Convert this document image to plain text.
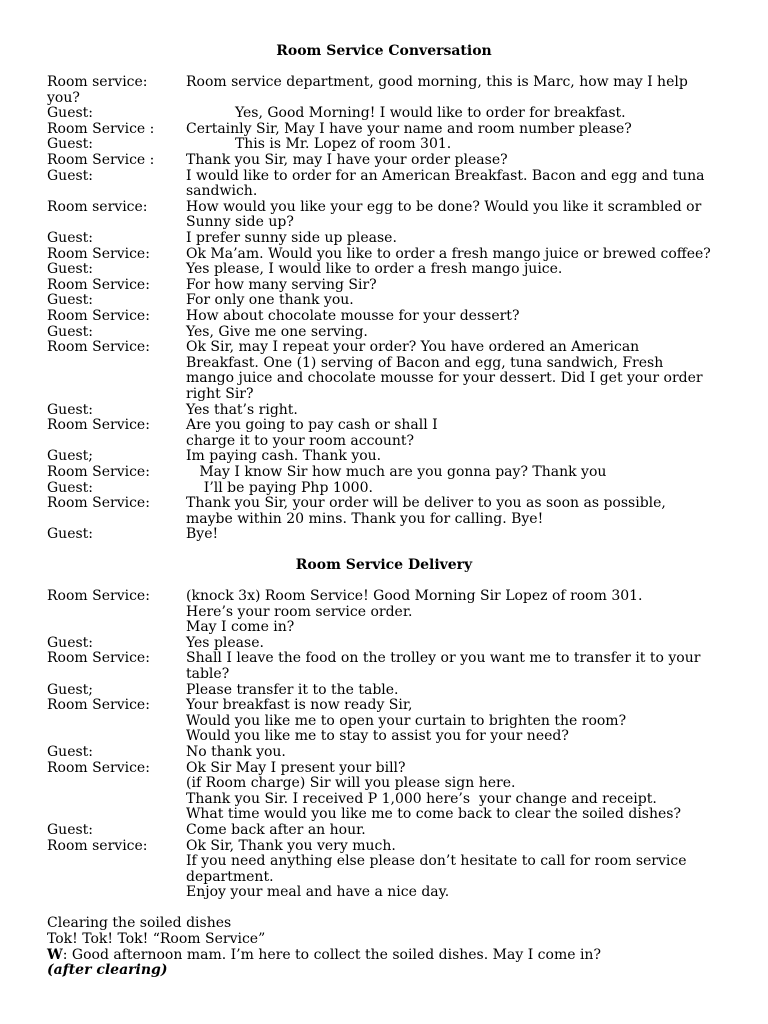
Room Service Conversation
Room service:	Room service department, good morning, this is Marc, how may I help
you?
Guest:	Yes, Good Morning! I would like to order for breakfast.
Room Service : Certainly Sir, May I have your name and room number please?
Guest:	This is Mr. Lopez of room 301.
Room Service : Thank you Sir, may I have your order please?
Guest:	I would like to order for an American Breakfast. Bacon and egg and tuna
sandwich.
Room service:	How would you like your egg to be done? Would you like it scrambled or
Sunny side up?
Guest:	I prefer sunny side up please.
Room Service:	Ok Ma’am. Would you like to order a fresh mango juice or brewed coffee?
Guest:	Yes please, I would like to order a fresh mango juice.
Room Service:	For how many serving Sir?
Guest:	For only one thank you.
Room Service:	How about chocolate mousse for your dessert?
Guest:	Yes, Give me one serving.
Room Service:	Ok Sir, may I repeat your order? You have ordered an American
Breakfast. One (1) serving of Bacon and egg, tuna sandwich, Fresh
mango juice and chocolate mousse for your dessert. Did I get your order
right Sir?
Guest:	Yes that’s right.
Room Service:	Are you going to pay cash or shall I
charge it to your room account?
Guest;	Im paying cash. Thank you.
Room Service:	May I know Sir how much are you gonna pay? Thank you
Guest:	I’ll be paying Php 1000.
Room Service:	Thank you Sir, your order will be deliver to you as soon as possible,
maybe within 20 mins. Thank you for calling. Bye!
Guest:	Bye!
Room Service Delivery
Room Service:	(knock 3x) Room Service! Good Morning Sir Lopez of room 301.
Here’s your room service order.
May I come in?
Guest:	Yes please.
Room Service:	Shall I leave the food on the trolley or you want me to transfer it to your
table?
Guest;	Please transfer it to the table.
Room Service:	Your breakfast is now ready Sir,
Would you like me to open your curtain to brighten the room?
Would you like me to stay to assist you for your need?
Guest:	No thank you.
Room Service:	Ok Sir May I present your bill?
(if Room charge) Sir will you please sign here.
Thank you Sir. I received P 1,000 here’s  your change and receipt.
What time would you like me to come back to clear the soiled dishes?
Guest:	Come back after an hour.
Room service:	Ok Sir, Thank you very much.
If you need anything else please don’t hesitate to call for room service
department.
Enjoy your meal and have a nice day.
Clearing the soiled dishes
Tok! Tok! Tok! “Room Service”
W: Good afternoon mam. I’m here to collect the soiled dishes. May I come in?
(after clearing)
